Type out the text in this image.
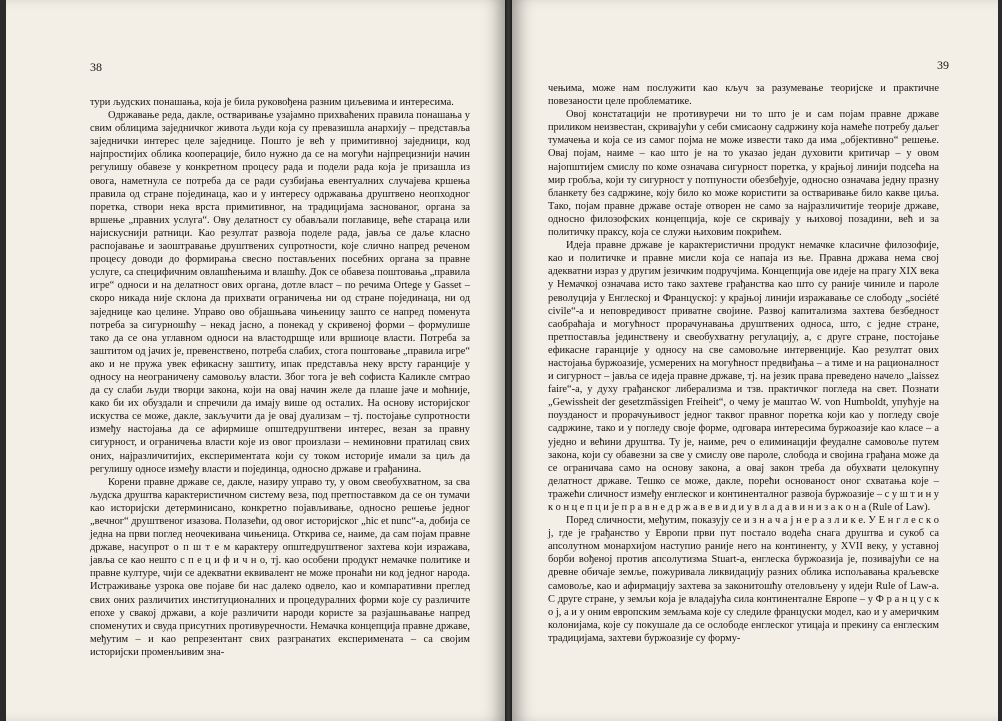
38

тури људских понашања, која је била руковођена разним циљевима и интересима.

Одржавање реда, дакле, остваривање узајамно прихваћених правила понашања у свим облицима заједничког живота људи која су превазишла анархију – представља заједнички интерес целе заједнице. Пошто је већ у примитивној заједници, код најпростијих облика кооперације, било нужно да се на могући најпрецизнији начин регулишу обавезе у конкретном процесу рада и подели рада која је призашла из овога, наметнула се потреба да се ради сузбијања евентуалних случајева кршења правила од стране појединаца, као и у интересу одржавања друштвено неопходног поретка, створи нека врста примитивног, на традицијама заснованог, органа за вршење „правних услуга“. Ову делатност су обављали поглавице, веће стараца или најискуснији ратници. Као резултат развоја поделе рада, јавља се даље класно распојавање и заоштравање друштвених супротности, које слично напред реченом процесу доводи до формирања свесно постављених посебних органа за правне услуге, са специфичним овлашћењима и влашћу. Док се обавеза поштовања „правила игре“ односи и на делатност ових органа, дотле власт – по речима Ortege y Gasset – скоро никада није склона да прихвати ограничења ни од стране појединаца, ни од заједнице као целине. Управо ово објашњава чињеницу зашто се напред поменута потреба за сигурношћу – некад јасно, а понекад у скривеној форми – формулише тако да се она углавном односи на властодршце или вршиоце власти. Потреба за заштитом од јачих је, превенствено, потреба слабих, стога поштовање „правила игре“ ако и не пружа увек ефикасну заштиту, ипак представља неку врсту гаранције у односу на неограничену самовољу власти. Због тога је већ софиста Каликле смтрао да су слаби људи творци закона, који на овај начин желе да плаше јаче и моћније, како би их обуздали и спречили да имају више од осталих. На основу историјског искуства се може, дакле, закључити да је овај дуализам – тј. постојање супротности између настојања да се афирмише општедруштвени интерес, везан за правну сигурност, и ограничења власти које из овог произлази – неминовни пратилац свих оних, најразличитијих, експериментата који су током историје имали за циљ да регулишу односе између власти и појединца, односно државе и грађанина.

Корени правне државе се, дакле, назиру управо ту, у овом свеобухватном, за сва људска друштва карактеристичном систему веза, под претпоставком да се он тумачи као историјски детерминисано, конкретно појављивање, односно решење једног „вечног“ друштвеног изазова. Полазећи, од овог историјског „hic et nunc“-а, добија се једна на први поглед неочекивана чињеница. Открива се, наиме, да сам појам правне државе, насупрот о п ш т е м карактеру општедруштвеног захтева који изражава, јавља се као нешто с п е ц и ф и ч н о, тј. као особени продукт немачке политике и правне културе, чији се адекватни еквивалент не може пронаћи ни код једног народа. Истраживање узрока ове појаве би нас далеко одвело, као и компаративни преглед свих оних различитих институционалних и процедуралних форми које су различите епохе у свакој држави, а које различити народи користе за разјашњавање напред споменутих и свуда присутних противуречности. Немачка концепција правне државе, међутим – и као репрезентант свих разгранатих експеримената – са својим историјски променљивим зна-

39

чењима, може нам послужити као кључ за разумевање теоријске и практичне повезаности целе проблематике.

Овој констатацији не противуречи ни то што је и сам појам правне државе приликом неизвестан, скривајући у себи смисаону садржину која намеће потребу даљег тумачења и која се из самог појма не може извести тако да има „објективно“ решење. Овај појам, наиме – као што је на то указао један духовити критичар – у овом најопштијем смислу по коме означава сигурност поретка, у крајњој линији подсећа на мир гробља, који ту сигурност у потпуности обезбеђује, односно означава једну празну бланкету без садржине, коју било ко може користити за остваривање било какве циља. Тако, појам правне државе остаје отворен не само за најразличитије теорије државе, односно филозофских концепција, које се скривају у њиховој позадини, већ и за политичку праксу, која се служи њиховим покрићем.

Идеја правне државе је карактеристични продукт немачке класичне филозофије, као и политичке и правне мисли која се напаја из ње. Правна држава нема свој адекватни израз у другим језичким подручјима. Концепција ове идеје на прагу XIX века у Немачкој означава исто тако захтеве грађанства као што су раније чиниле и пароле револуција у Енглеској и Француској: у крајњој линији изражавање се слободу „société civile“-а и неповредивост приватне својине. Развој капитализма захтева безбедност саобраћаја и могућност прорачунавања друштвених односа, што, с једне стране, претпоставља јединствену и свеобухватну регулацију, а, с друге стране, постојање ефикасне гаранције у односу на све самовољне интервенције. Као резултат ових настојања буржоазије, усмерених на могућност предвиђања – а тиме и на рационалност и сигурност – јавља се идеја правне државе, тј. на језик права преведено начело „laissez faire“-а, у духу грађанског либерализма и тзв. практичког погледа на свет. Познати „Gewissheit der gesetzmässigen Freiheit“, о чему је маштао W. von Humboldt, упућује на поузданост и прорачуњивост једног таквог правног поретка који као у погледу своје садржине, тако и у погледу своје форме, одговара интересима буржоазије као класе – а уједно и већини друштва. Ту је, наиме, реч о елиминацији феудалне самовоље путем закона, који су обавезни за све у смислу ове пароле, слобода и својина грађана може да се ограничава само на основу закона, а овај закон треба да обухвати целокупну делатност државе. Тешко се може, дакле, порећи основаност оног схватања које – тражећи сличност између енглеског и континенталног развоја буржоазије – с у ш т и н у к о н ц е п ц и је п р а в н е д р ж а в е в и д и у в л а д а в и н и з а к о н а (Rule of Law).

Поред сличности, међутим, показују се и з н а ч а ј н е р а з л и к е. У Е н г л е с к о ј, где је грађанство у Европи први пут постало водећа снага друштва и сукоб са апсолутном монархијом наступио раније него на континенту, у XVII веку, у уставној борби вођеној против апсолутизма Stuart-а, енглеска буржоазија је, позивајући се на древне обичаје земље, пожуривала ликвидацију разних облика испољавања краљевске самовоље, као и афирмацију захтева за законитошћу отеловљену у идеји Rule of Law-а. С друге стране, у земљи која је владајућа сила континенталне Европе – у Ф р а н ц у с к о ј, а и у оним европским земљама које су следиле француски модел, као и у америчким колонијама, које су покушале да се ослободе енглеског утицаја и прекину са енглеским традицијама, захтеви буржоазије су форму-
